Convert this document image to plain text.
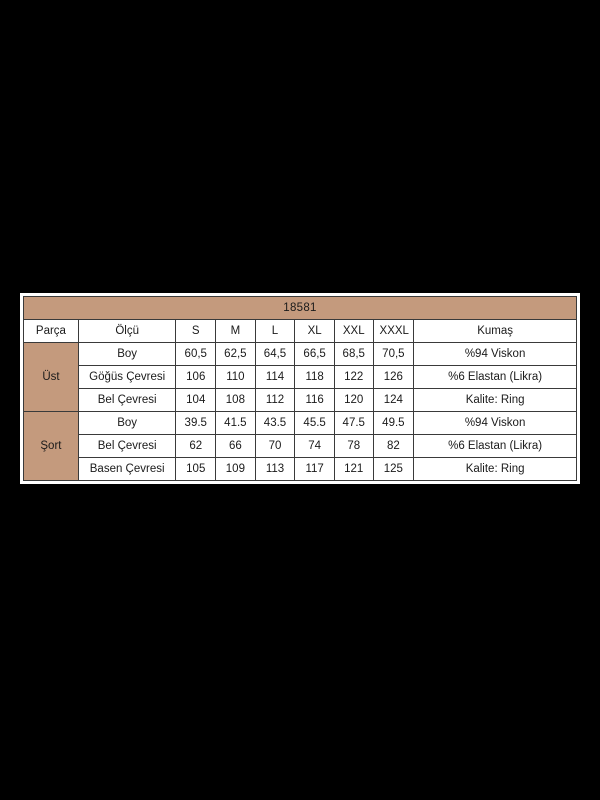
18581								
Parça	Ölçü	S	M	L	XL	XXL	XXXL	Kumaş
Üst	Boy	60,5	62,5	64,5	66,5	68,5	70,5	%94 Viskon
	Göğüs Çevresi	106	110	114	118	122	126	%6 Elastan (Likra)
	Bel Çevresi	104	108	112	116	120	124	Kalite: Ring
Şort	Boy	39.5	41.5	43.5	45.5	47.5	49.5	%94 Viskon
	Bel Çevresi	62	66	70	74	78	82	%6 Elastan (Likra)
	Basen Çevresi	105	109	113	117	121	125	Kalite: Ring
